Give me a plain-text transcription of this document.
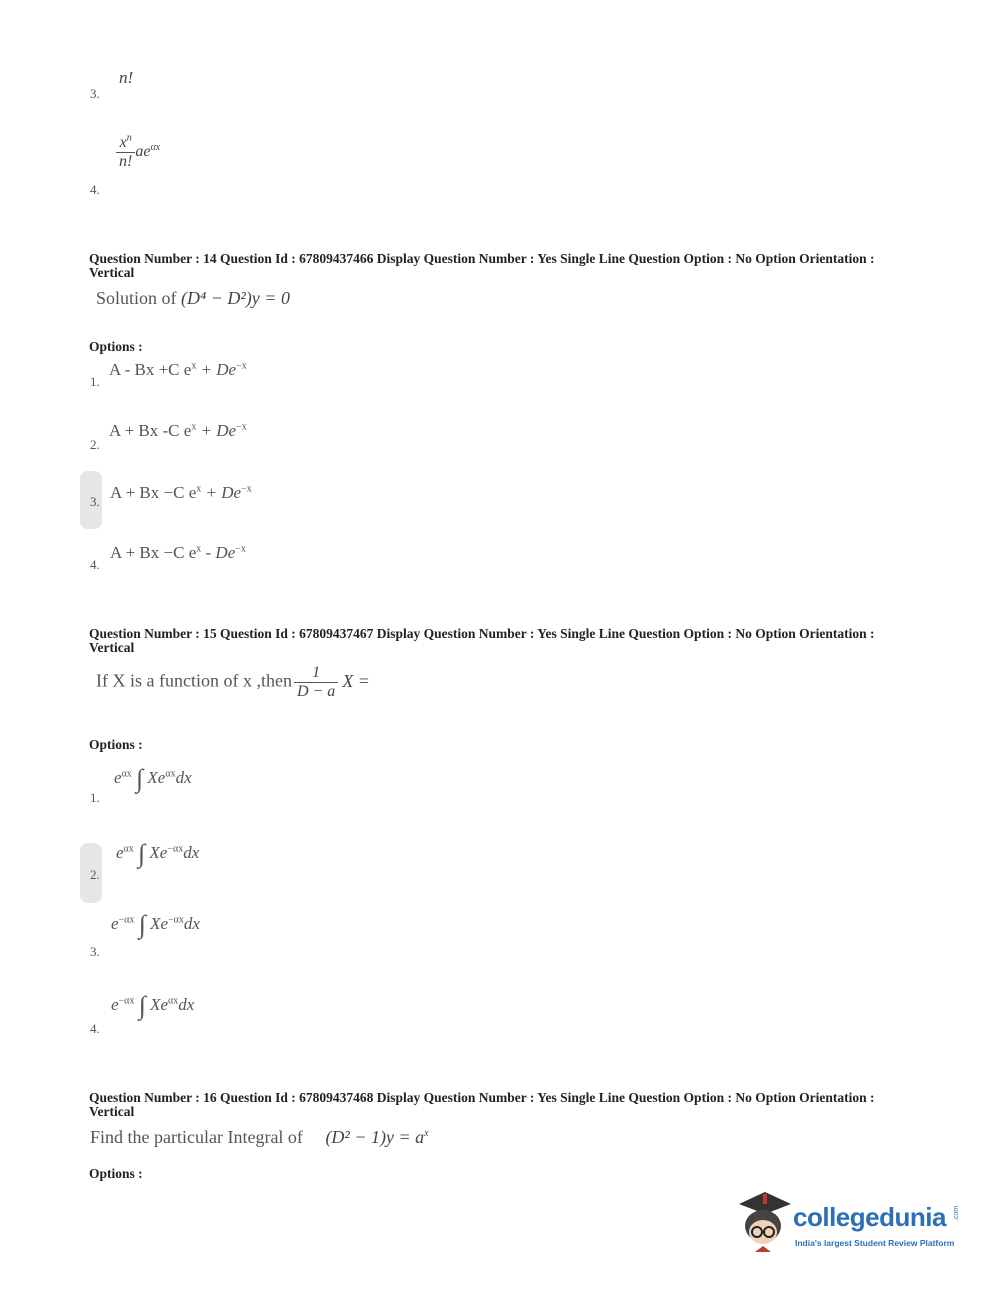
n!
3.
$\frac{x^n}{n!} ae^{\alpha x}$
4.
Question Number : 14 Question Id : 67809437466 Display Question Number : Yes Single Line Question Option : No Option Orientation : Vertical
Solution of (D⁴ − D²)y = 0
Options :
A - Bx +C $e^x + De^{-x}$
1.
A + Bx -C $e^x + De^{-x}$
2.
A + Bx −C $e^x + De^{-x}$
3.
A + Bx −C $e^x - De^{-x}$
4.
Question Number : 15 Question Id : 67809437467 Display Question Number : Yes Single Line Question Option : No Option Orientation : Vertical
If X is a function of x ,then $\frac{1}{D - a}$ X =
Options :
$e^{\alpha x}$ ∫ $Xe^{\alpha x}dx$
1.
$e^{\alpha x}$ ∫ $Xe^{-\alpha x}dx$
2.
$e^{-\alpha x}$ ∫ $Xe^{-\alpha x}dx$
3.
$e^{-\alpha x}$ ∫ $Xe^{\alpha x}dx$
4.
Question Number : 16 Question Id : 67809437468 Display Question Number : Yes Single Line Question Option : No Option Orientation : Vertical
Find the particular Integral of $(D^2 - 1)y = a^x$
Options :
collegedunia .com
India's largest Student Review Platform
